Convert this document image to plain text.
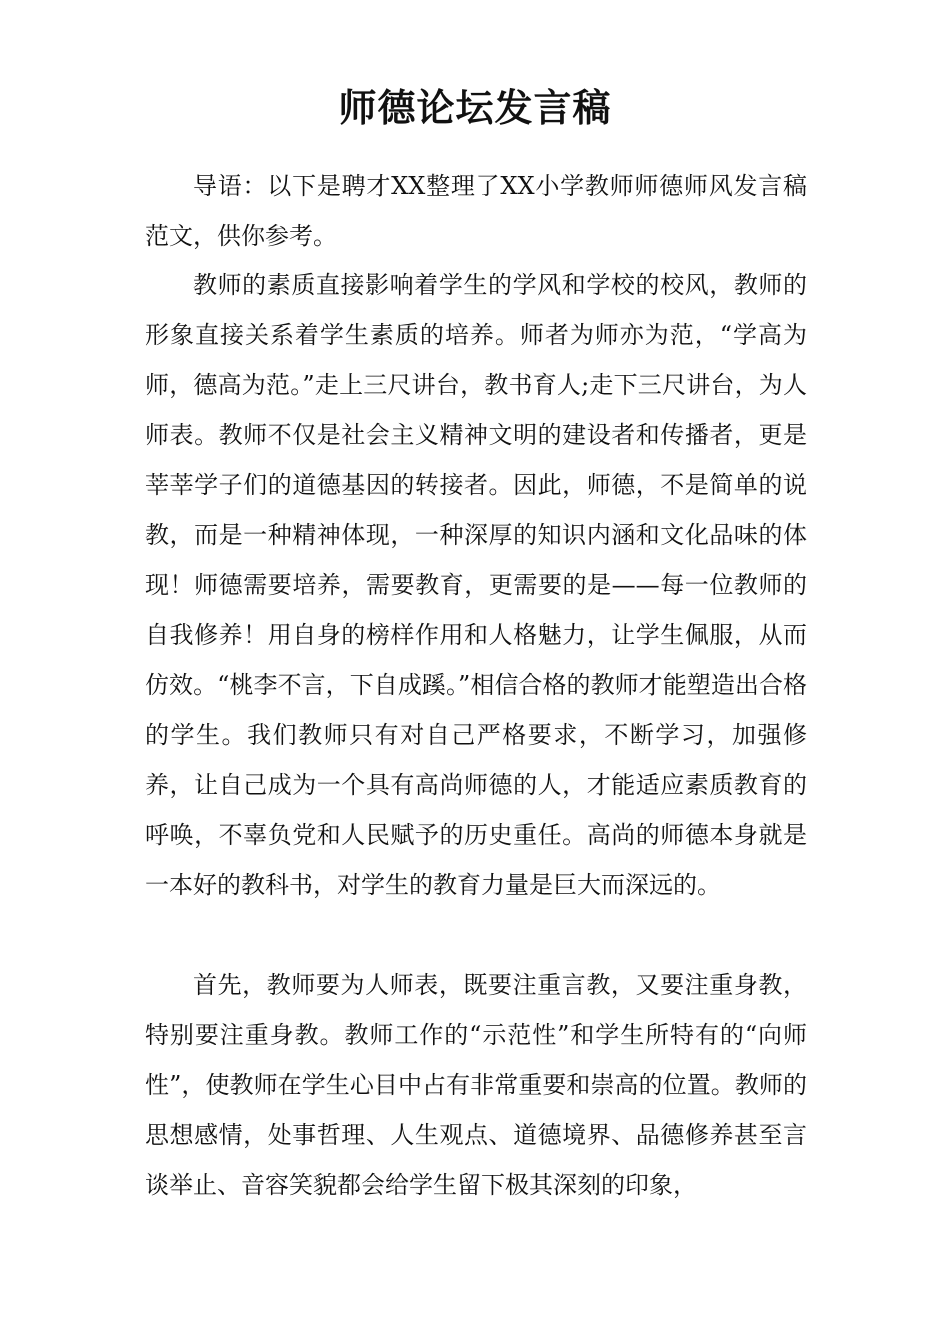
师德论坛发言稿

导语：以下是聘才XX整理了XX小学教师师德师风发言稿范文，供你参考。

教师的素质直接影响着学生的学风和学校的校风，教师的形象直接关系着学生素质的培养。师者为师亦为范，“学高为师，德高为范。”走上三尺讲台，教书育人;走下三尺讲台，为人师表。教师不仅是社会主义精神文明的建设者和传播者，更是莘莘学子们的道德基因的转接者。因此，师德，不是简单的说教，而是一种精神体现，一种深厚的知识内涵和文化品味的体现！师德需要培养，需要教育，更需要的是——每一位教师的自我修养！用自身的榜样作用和人格魅力，让学生佩服，从而仿效。“桃李不言，下自成蹊。”相信合格的教师才能塑造出合格的学生。我们教师只有对自己严格要求，不断学习，加强修养，让自己成为一个具有高尚师德的人，才能适应素质教育的呼唤，不辜负党和人民赋予的历史重任。高尚的师德本身就是一本好的教科书，对学生的教育力量是巨大而深远的。

首先，教师要为人师表，既要注重言教，又要注重身教，特别要注重身教。教师工作的“示范性”和学生所特有的“向师性”，使教师在学生心目中占有非常重要和崇高的位置。教师的思想感情，处事哲理、人生观点、道德境界、品德修养甚至言谈举止、音容笑貌都会给学生留下极其深刻的印象，
